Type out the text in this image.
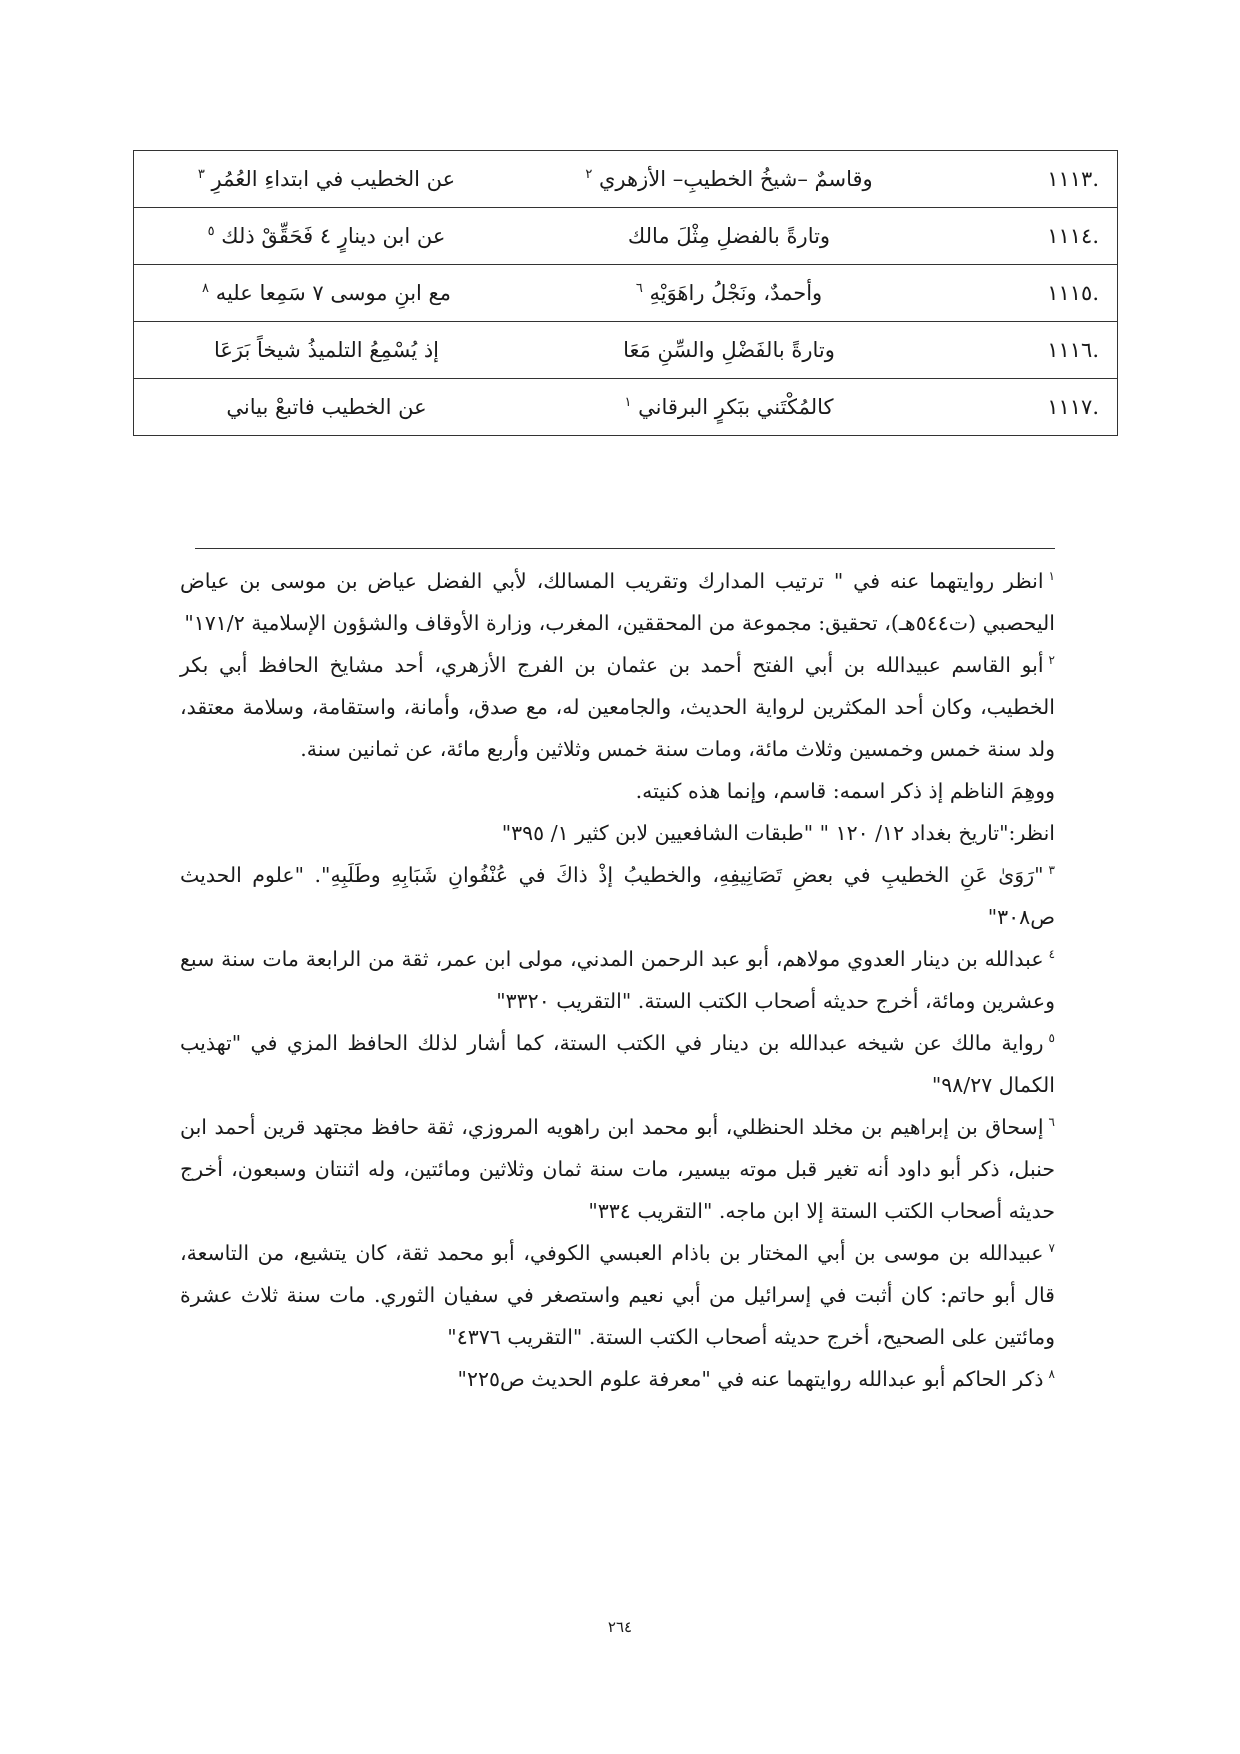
.١١١٣	وقاسمٌ –شيخُ الخطيبِ– الأزهري $^٢$	عن الخطيب في ابتداءِ العُمُرِ $^٣$
.١١١٤	وتارةً بالفضلِ مِثْلَ مالك	عن ابن دينارٍ ٤ فَحَقِّقْ ذلك $^٥$
.١١١٥	وأحمدٌ، ونَجْلُ راهَوَيْهِ $^٦$	مع ابنِ موسى ٧ سَمِعا عليه $^٨$
.١١١٦	وتارةً بالفَضْلِ والسِّنِ مَعَا	إذ يُسْمِعُ التلميذُ شيخاً بَرَعَا
.١١١٧	كالمُكْتَني ببَكرٍ البرقاني $^١$	عن الخطيب فاتبعْ بياني

$^١$انظر روايتهما عنه في " ترتيب المدارك وتقريب المسالك، لأبي الفضل عياض بن موسى بن عياض اليحصبي (ت٥٤٤هـ)، تحقيق: مجموعة من المحققين، المغرب، وزارة الأوقاف والشؤون الإسلامية ١٧١/٢"

$^٢$أبو القاسم عبيدالله بن أبي الفتح أحمد بن عثمان بن الفرج الأزهري، أحد مشايخ الحافظ أبي بكر الخطيب، وكان أحد المكثرين لرواية الحديث، والجامعين له، مع صدق، وأمانة، واستقامة، وسلامة معتقد، ولد سنة خمس وخمسين وثلاث مائة، ومات سنة خمس وثلاثين وأربع مائة، عن ثمانين سنة.

ووهِمَ الناظم إذ ذكر اسمه: قاسم، وإنما هذه كنيته.

انظر:"تاريخ بغداد ١٢/ ١٢٠ " "طبقات الشافعيين لابن كثير ١/ ٣٩٥"

$^٣$"رَوَىٰ عَنِ الخطيبِ في بعضِ تَصَانِيفِهِ، والخطيبُ إذْ ذاكَ في عُنْفُوانِ شَبَابِهِ وطَلَبِهِ". "علوم الحديث ص٣٠٨"

$^٤$عبدالله بن دينار العدوي مولاهم، أبو عبد الرحمن المدني، مولى ابن عمر، ثقة من الرابعة مات سنة سبع وعشرين ومائة، أخرج حديثه أصحاب الكتب الستة. "التقريب ٣٣٢٠"

$^٥$رواية مالك عن شيخه عبدالله بن دينار في الكتب الستة، كما أشار لذلك الحافظ المزي في "تهذيب الكمال ٩٨/٢٧"

$^٦$إسحاق بن إبراهيم بن مخلد الحنظلي، أبو محمد ابن راهويه المروزي، ثقة حافظ مجتهد قرين أحمد ابن حنبل، ذكر أبو داود أنه تغير قبل موته بيسير، مات سنة ثمان وثلاثين ومائتين، وله اثنتان وسبعون، أخرج حديثه أصحاب الكتب الستة إلا ابن ماجه. "التقريب ٣٣٤"

$^٧$عبيدالله بن موسى بن أبي المختار بن باذام العبسي الكوفي، أبو محمد ثقة، كان يتشيع، من التاسعة، قال أبو حاتم: كان أثبت في إسرائيل من أبي نعيم واستصغر في سفيان الثوري. مات سنة ثلاث عشرة ومائتين على الصحيح، أخرج حديثه أصحاب الكتب الستة. "التقريب ٤٣٧٦"

$^٨$ذكر الحاكم أبو عبدالله روايتهما عنه في "معرفة علوم الحديث ص٢٢٥"

٢٦٤
